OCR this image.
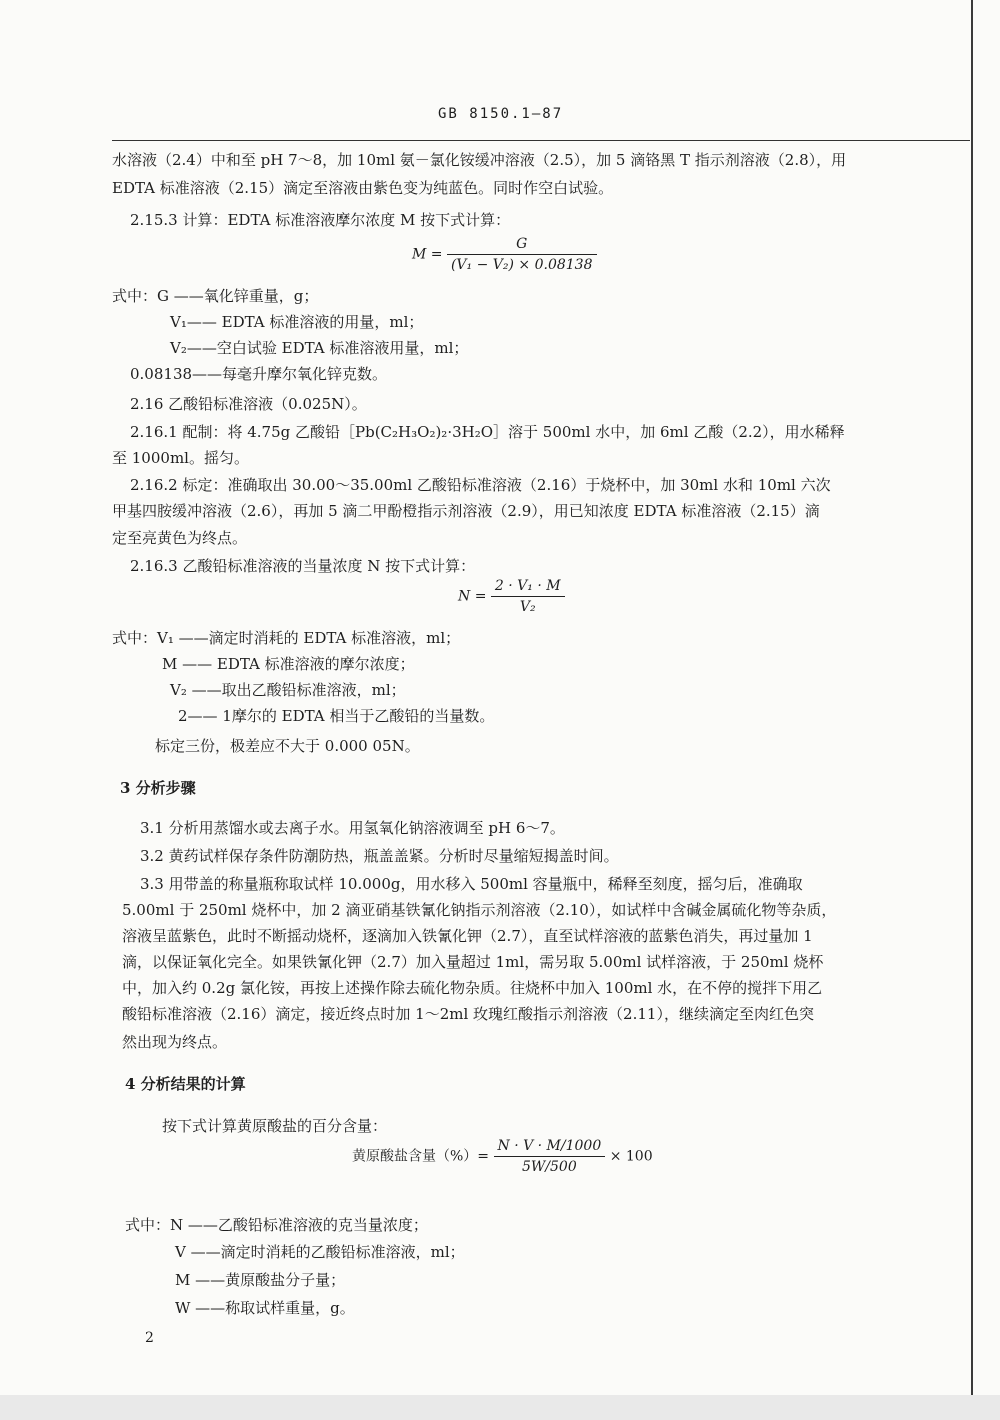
GB 8150.1—87
水溶液（2.4）中和至 pH 7～8，加 10ml 氨－氯化铵缓冲溶液（2.5），加 5 滴铬黑 T 指示剂溶液（2.8），用
EDTA 标准溶液（2.15）滴定至溶液由紫色变为纯蓝色。同时作空白试验。
2.15.3 计算：EDTA 标准溶液摩尔浓度 M 按下式计算：
$M = \frac{G}{\text{(V₁ − V₂) × 0.08138}}$
式中：G ——氧化锌重量，g；
V₁—— EDTA 标准溶液的用量，ml；
V₂——空白试验 EDTA 标准溶液用量，ml；
0.08138——每毫升摩尔氧化锌克数。
2.16 乙酸铅标准溶液（0.025N）。
2.16.1 配制：将 4.75g 乙酸铅［Pb(C₂H₃O₂)₂·3H₂O］溶于 500ml 水中，加 6ml 乙酸（2.2），用水稀释
至 1000ml。摇匀。
2.16.2 标定：准确取出 30.00～35.00ml 乙酸铅标准溶液（2.16）于烧杯中，加 30ml 水和 10ml 六次
甲基四胺缓冲溶液（2.6），再加 5 滴二甲酚橙指示剂溶液（2.9），用已知浓度 EDTA 标准溶液（2.15）滴
定至亮黄色为终点。
2.16.3 乙酸铅标准溶液的当量浓度 N 按下式计算：
$N = \frac{\text{2 · V₁ · M}}{\text{V₂}}$
式中：V₁ ——滴定时消耗的 EDTA 标准溶液，ml；
M —— EDTA 标准溶液的摩尔浓度；
V₂ ——取出乙酸铅标准溶液，ml；
2—— 1摩尔的 EDTA 相当于乙酸铅的当量数。
标定三份，极差应不大于 0.000 05N。
3 分析步骤
3.1 分析用蒸馏水或去离子水。用氢氧化钠溶液调至 pH 6～7。
3.2 黄药试样保存条件防潮防热，瓶盖盖紧。分析时尽量缩短揭盖时间。
3.3 用带盖的称量瓶称取试样 10.000g，用水移入 500ml 容量瓶中，稀释至刻度，摇匀后，准确取
5.00ml 于 250ml 烧杯中，加 2 滴亚硝基铁氰化钠指示剂溶液（2.10），如试样中含碱金属硫化物等杂质，
溶液呈蓝紫色，此时不断摇动烧杯，逐滴加入铁氰化钾（2.7），直至试样溶液的蓝紫色消失，再过量加 1
滴，以保证氧化完全。如果铁氰化钾（2.7）加入量超过 1ml，需另取 5.00ml 试样溶液，于 250ml 烧杯
中，加入约 0.2g 氯化铵，再按上述操作除去硫化物杂质。往烧杯中加入 100ml 水，在不停的搅拌下用乙
酸铅标准溶液（2.16）滴定，接近终点时加 1～2ml 玫瑰红酸指示剂溶液（2.11），继续滴定至肉红色突
然出现为终点。
4 分析结果的计算
按下式计算黄原酸盐的百分含量：
黄原酸盐含量（%）= $\frac{N \cdot V \cdot M/1000}{5W/500} \times 100$
式中：N ——乙酸铅标准溶液的克当量浓度；
V ——滴定时消耗的乙酸铅标准溶液，ml；
M ——黄原酸盐分子量；
W ——称取试样重量，g。
2
